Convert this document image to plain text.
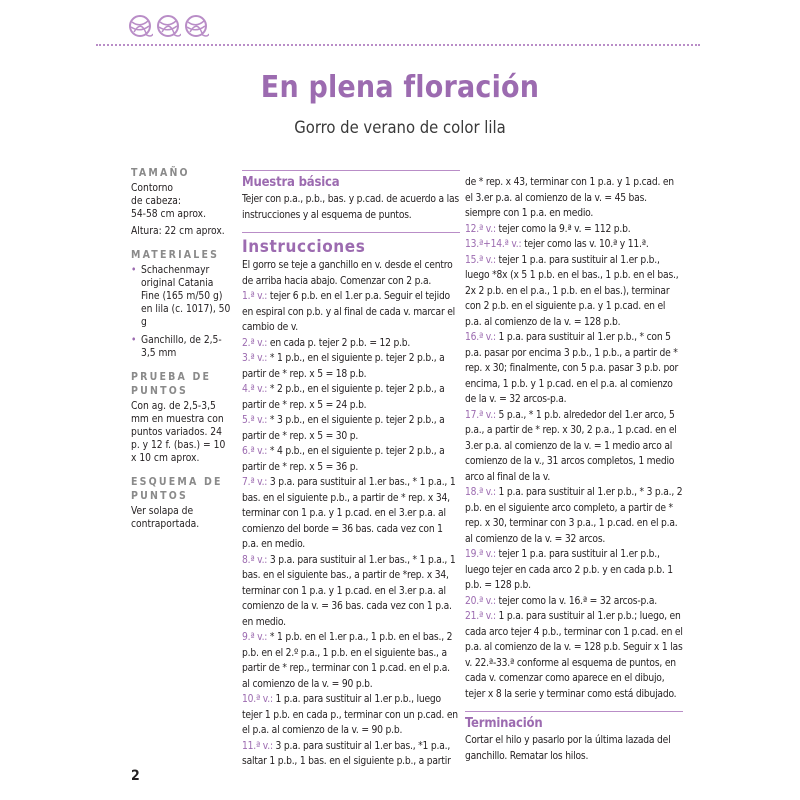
En plena floración
Gorro de verano de color lila
TAMAÑO
Contorno
de cabeza:
54-58 cm aprox.
Altura: 22 cm aprox.
MATERIALES
• Schachenmayr original Catania Fine (165 m/50 g) en lila (c. 1017), 50 g
• Ganchillo, de 2,5-3,5 mm
PRUEBA DE PUNTOS
Con ag. de 2,5-3,5 mm en muestra con puntos variados. 24 p. y 12 f. (bas.) = 10 x 10 cm aprox.
ESQUEMA DE PUNTOS
Ver solapa de contraportada.
Muestra básica

Tejer con p.a., p.b., bas. y p.cad. de acuerdo a las instrucciones y al esquema de puntos.

Instrucciones

El gorro se teje a ganchillo en v. desde el centro de arriba hacia abajo. Comenzar con 2 p.a.

1.ª v.: tejer 6 p.b. en el 1.er p.a. Seguir el tejido en espiral con p.b. y al final de cada v. marcar el cambio de v.

2.ª v.: en cada p. tejer 2 p.b. = 12 p.b.

3.ª v.: * 1 p.b., en el siguiente p. tejer 2 p.b., a partir de * rep. x 5 = 18 p.b.

4.ª v.: * 2 p.b., en el siguiente p. tejer 2 p.b., a partir de * rep. x 5 = 24 p.b.

5.ª v.: * 3 p.b., en el siguiente p. tejer 2 p.b., a partir de * rep. x 5 = 30 p.

6.ª v.: * 4 p.b., en el siguiente p. tejer 2 p.b., a partir de * rep. x 5 = 36 p.

7.ª v.: 3 p.a. para sustituir al 1.er bas., * 1 p.a., 1 bas. en el siguiente p.b., a partir de * rep. x 34, terminar con 1 p.a. y 1 p.cad. en el 3.er p.a. al comienzo del borde = 36 bas. cada vez con 1 p.a. en medio.

8.ª v.: 3 p.a. para sustituir al 1.er bas., * 1 p.a., 1 bas. en el siguiente bas., a partir de *rep. x 34, terminar con 1 p.a. y 1 p.cad. en el 3.er p.a. al comienzo de la v. = 36 bas. cada vez con 1 p.a. en medio.

9.ª v.: * 1 p.b. en el 1.er p.a., 1 p.b. en el bas., 2 p.b. en el 2.º p.a., 1 p.b. en el siguiente bas., a partir de * rep., terminar con 1 p.cad. en el p.a. al comienzo de la v. = 90 p.b.

10.ª v.: 1 p.a. para sustituir al 1.er p.b., luego tejer 1 p.b. en cada p., terminar con un p.cad. en el p.a. al comienzo de la v. = 90 p.b.

11.ª v.: 3 p.a. para sustituir al 1.er bas., *1 p.a., saltar 1 p.b., 1 bas. en el siguiente p.b., a partir

de * rep. x 43, terminar con 1 p.a. y 1 p.cad. en el 3.er p.a. al comienzo de la v. = 45 bas. siempre con 1 p.a. en medio.

12.ª v.: tejer como la 9.ª v. = 112 p.b.

13.ª+14.ª v.: tejer como las v. 10.ª y 11.ª.

15.ª v.: tejer 1 p.a. para sustituir al 1.er p.b., luego *8x (x 5 1 p.b. en el bas., 1 p.b. en el bas., 2x 2 p.b. en el p.a., 1 p.b. en el bas.), terminar con 2 p.b. en el siguiente p.a. y 1 p.cad. en el p.a. al comienzo de la v. = 128 p.b.

16.ª v.: 1 p.a. para sustituir al 1.er p.b., * con 5 p.a. pasar por encima 3 p.b., 1 p.b., a partir de * rep. x 30; finalmente, con 5 p.a. pasar 3 p.b. por encima, 1 p.b. y 1 p.cad. en el p.a. al comienzo de la v. = 32 arcos-p.a.

17.ª v.: 5 p.a., * 1 p.b. alrededor del 1.er arco, 5 p.a., a partir de * rep. x 30, 2 p.a., 1 p.cad. en el 3.er p.a. al comienzo de la v. = 1 medio arco al comienzo de la v., 31 arcos completos, 1 medio arco al final de la v.

18.ª v.: 1 p.a. para sustituir al 1.er p.b., * 3 p.a., 2 p.b. en el siguiente arco completo, a partir de * rep. x 30, terminar con 3 p.a., 1 p.cad. en el p.a. al comienzo de la v. = 32 arcos.

19.ª v.: tejer 1 p.a. para sustituir al 1.er p.b., luego tejer en cada arco 2 p.b. y en cada p.b. 1 p.b. = 128 p.b.

20.ª v.: tejer como la v. 16.ª = 32 arcos-p.a.

21.ª v.: 1 p.a. para sustituir al 1.er p.b.; luego, en cada arco tejer 4 p.b., terminar con 1 p.cad. en el p.a. al comienzo de la v. = 128 p.b. Seguir x 1 las v. 22.ª-33.ª conforme al esquema de puntos, en cada v. comenzar como aparece en el dibujo, tejer x 8 la serie y terminar como está dibujado.

Terminación

Cortar el hilo y pasarlo por la última lazada del ganchillo. Rematar los hilos.

2
